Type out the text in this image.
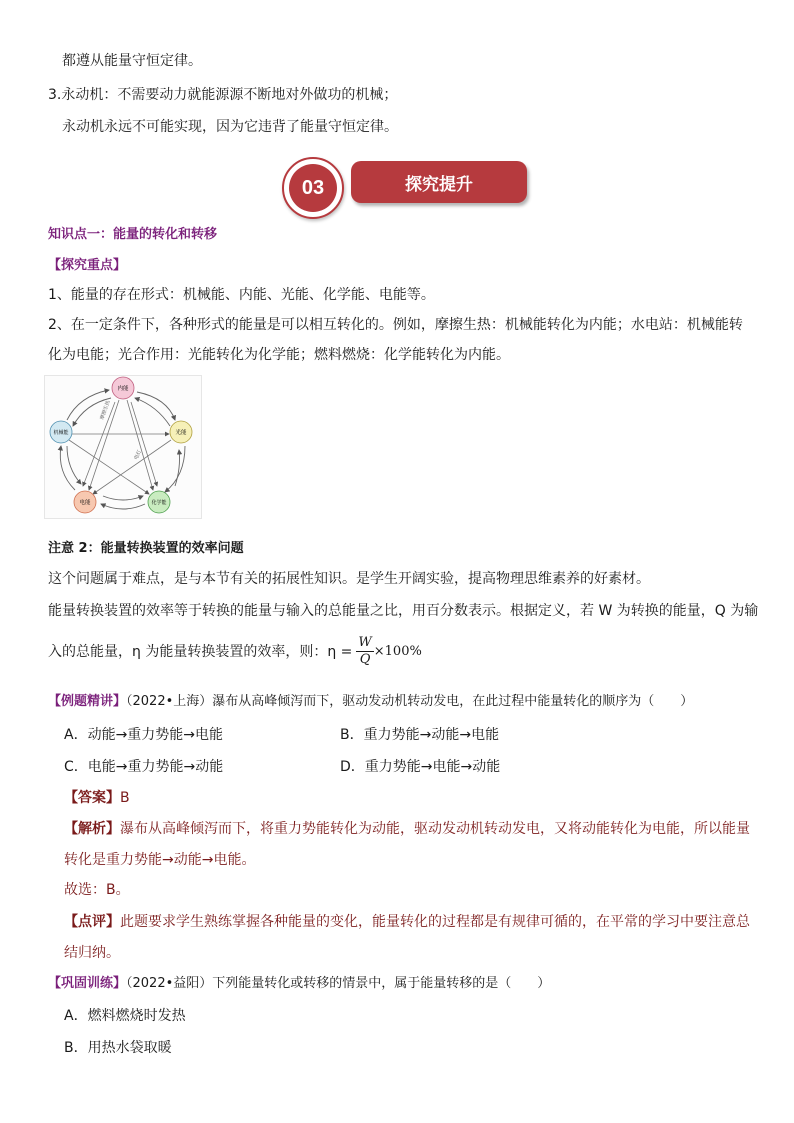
都遵从能量守恒定律。
3.永动机：不需要动力就能源源不断地对外做功的机械；
永动机永远不可能实现，因为它违背了能量守恒定律。
探究提升
03
知识点一：能量的转化和转移
【探究重点】
1、能量的存在形式：机械能、内能、光能、化学能、电能等。
2、在一定条件下，各种形式的能量是可以相互转化的。例如，摩擦生热：机械能转化为内能；水电站：机械能转
化为电能；光合作用：光能转化为化学能；燃料燃烧：化学能转化为内能。
摩擦生热
电灯
内能
光能
化学能
电能
机械能
注意 2：能量转换装置的效率问题
这个问题属于难点，是与本节有关的拓展性知识。是学生开阔实验，提高物理思维素养的好素材。
能量转换装置的效率等于转换的能量与输入的总能量之比，用百分数表示。根据定义，若 W 为转换的能量，Q 为输
入的总能量，η 为能量转换装置的效率，则：$\eta = \frac{W}{Q} \times 100\%$
【例题精讲】（2022•上海）瀑布从高峰倾泻而下，驱动发动机转动发电，在此过程中能量转化的顺序为（　　）
A．动能→重力势能→电能	B．重力势能→动能→电能
C．电能→重力势能→动能	D．重力势能→电能→动能
【答案】B
【解析】瀑布从高峰倾泻而下，将重力势能转化为动能，驱动发动机转动发电，又将动能转化为电能，所以能量
转化是重力势能→动能→电能。
故选：B。
【点评】此题要求学生熟练掌握各种能量的变化，能量转化的过程都是有规律可循的，在平常的学习中要注意总
结归纳。
【巩固训练】（2022•益阳）下列能量转化或转移的情景中，属于能量转移的是（　　）
A．燃料燃烧时发热
B．用热水袋取暖
